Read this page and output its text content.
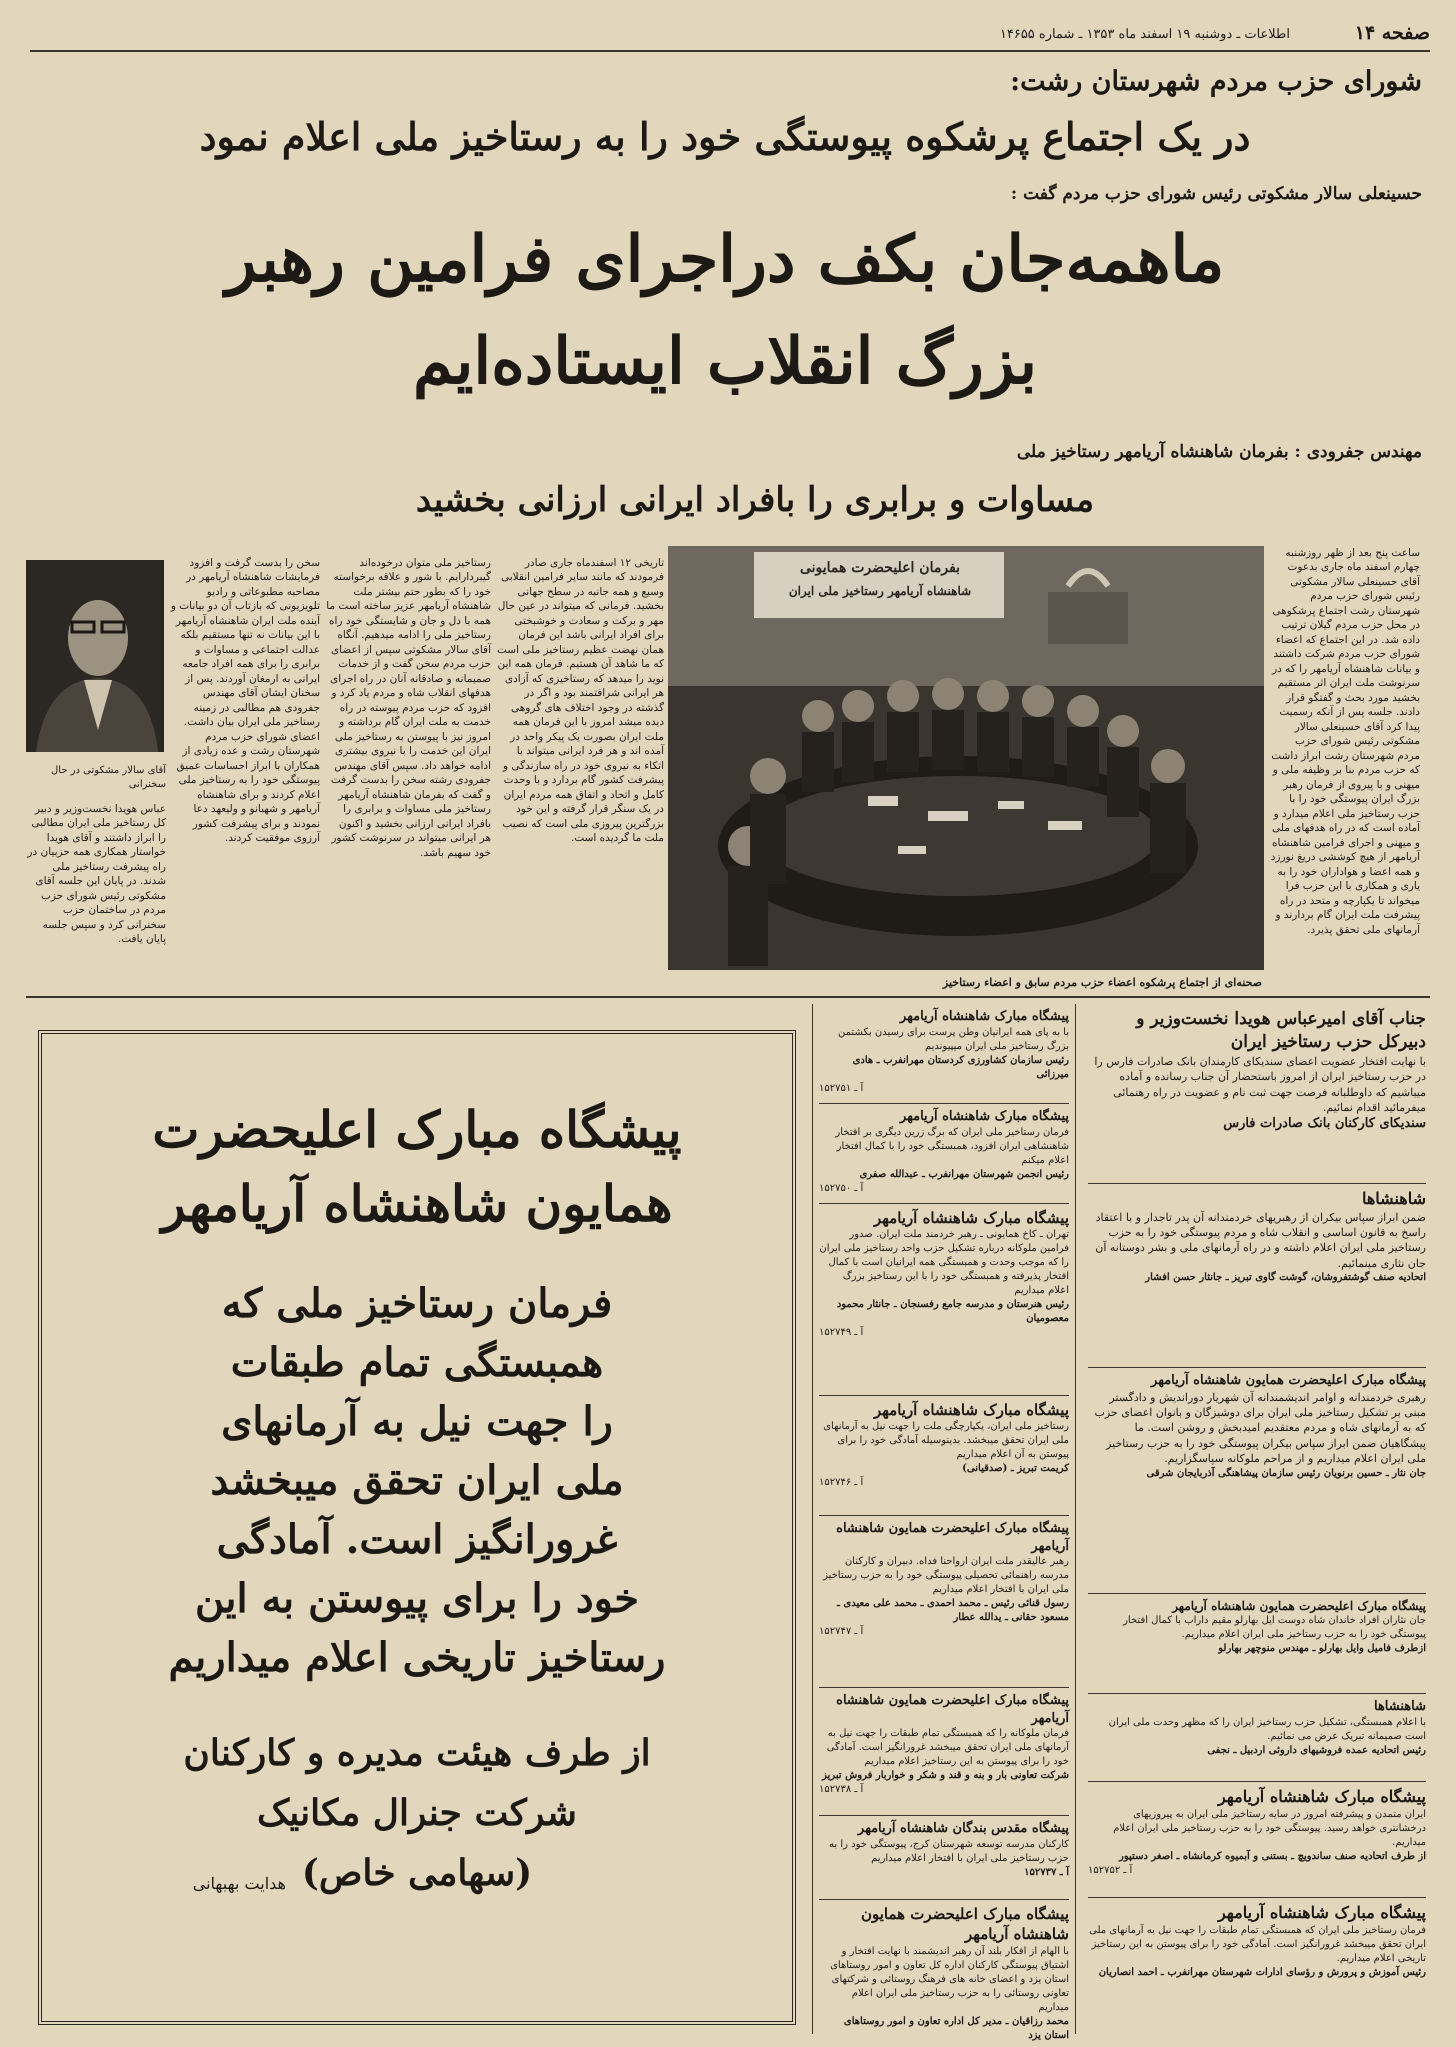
صفحه ۱۴
اطلاعات ـ دوشنبه ۱۹ اسفند ماه ۱۳۵۳ ـ شماره ۱۴۶۵۵
شورای حزب مردم شهرستان رشت:
در یک اجتماع پرشکوه پیوستگی خود را به رستاخیز ملی اعلام نمود
حسینعلی سالار مشکوتی رئیس شورای حزب مردم گفت :
ماهمه‌جان بکف دراجرای فرامین رهبر
بزرگ انقلاب ایستاده‌ایم
مهندس جفرودی : بفرمان شاهنشاه آریامهر رستاخیز ملی
مساوات و برابری را بافراد ایرانی ارزانی بخشید
ساعت پنج بعد از ظهر روزشنبه چهارم اسفند ماه جاری بدعوت آقای حسینعلی سالار مشکوتی رئیس شورای حزب مردم شهرستان رشت اجتماع پرشکوهی در محل حزب مردم گیلان ترتیب داده شد. در این اجتماع که اعضاء شورای حزب مردم شرکت داشتند و بیانات شاهنشاه آریامهر را که در سرنوشت ملت ایران اثر مستقیم بخشید مورد بحث و گفتگو قرار دادند. جلسه پس از آنکه رسمیت پیدا کرد آقای حسینعلی سالار مشکوتی رئیس شورای حزب مردم شهرستان رشت ابراز داشت که حزب مردم بنا بر وظیفه ملی و میهنی و با پیروی از فرمان رهبر بزرگ ایران پیوستگی خود را با حزب رستاخیز ملی اعلام میدارد و آماده است که در راه هدفهای ملی و میهنی و اجرای فرامین شاهنشاه آریامهر از هیچ کوششی دریغ نورزد و همه اعضا و هواداران خود را به یاری و همکاری با این حزب فرا میخواند تا یکپارچه و متحد در راه پیشرفت ملت ایران گام بردارند و آرمانهای ملی تحقق پذیرد.
تاریخی ۱۲ اسفندماه جاری صادر فرمودند که مانند سایر فرامین انقلابی وسیع و همه جانبه در سطح جهانی بخشید. فرمانی که میتواند در عین حال مهر و برکت و سعادت و خوشبختی برای افراد ایرانی باشد این فرمان همان نهضت عظیم رستاخیز ملی است که ما شاهد آن هستیم. فرمان همه این نوید را میدهد که رستاخیزی که آزادی هر ایرانی شرافتمند بود و اگر در گذشته در وجود اختلاف های گروهی دیده میشد امروز با این فرمان همه ملت ایران بصورت یک پیکر واحد در آمده اند و هر فرد ایرانی میتواند با اتکاء به نیروی خود در راه سازندگی و پیشرفت کشور گام بردارد و با وحدت کامل و اتحاد و اتفاق همه مردم ایران در یک سنگر قرار گرفته و این خود بزرگترین پیروزی ملی است که نصیب ملت ما گردیده است.
رستاخیز ملی متوان درخوده‌اند گیبردارایم. با شور و علاقه برخواسته خود را که بطور حتم بیشتر ملت شاهنشاه آریامهر عزیز ساخته است ما همه با دل و جان و شایستگی خود راه رستاخیز ملی را ادامه میدهیم. آنگاه آقای سالار مشکوتی سپس از اعضای حزب مردم سخن گفت و از خدمات صمیمانه و صادقانه آنان در راه اجرای هدفهای انقلاب شاه و مردم یاد کرد و افزود که حزب مردم پیوسته در راه خدمت به ملت ایران گام برداشته و امروز نیز با پیوستن به رستاخیز ملی ایران این خدمت را با نیروی بیشتری ادامه خواهد داد. سپس آقای مهندس جفرودی رشته سخن را بدست گرفت و گفت که بفرمان شاهنشاه آریامهر رستاخیز ملی مساوات و برابری را بافراد ایرانی ارزانی بخشید و اکنون هر ایرانی میتواند در سرنوشت کشور خود سهیم باشد.
سخن را بدست گرفت و افزود فرمایشات شاهنشاه آریامهر در مصاحبه مطبوعاتی و رادیو تلویزیونی که بازتاب آن دو بیانات و آینده ملت ایران شاهنشاه آریامهر با این بیانات نه تنها مستقیم بلکه عدالت اجتماعی و مساوات و برابری را برای همه افراد جامعه ایرانی به ارمغان آوردند. پس از سخنان ایشان آقای مهندس جفرودی هم مطالبی در زمینه رستاخیز ملی ایران بیان داشت. اعضای شورای حزب مردم شهرستان رشت و عده زیادی از همکاران با ابراز احساسات عمیق پیوستگی خود را به رستاخیز ملی اعلام کردند و برای شاهنشاه آریامهر و شهبانو و ولیعهد دعا نمودند و برای پیشرفت کشور آرزوی موفقیت کردند.
عباس هویدا نخست‌وزیر و دبیر کل رستاخیز ملی ایران مطالبی را ابراز داشتند و آقای هویدا خواستار همکاری همه حزبیان در راه پیشرفت رستاخیز ملی شدند. در پایان این جلسه آقای مشکوتی رئیس شورای حزب مردم در ساختمان حزب سخنرانی کرد و سپس جلسه پایان یافت.
آقای سالار مشکوتی در حال سخنرانی
بفرمان اعلیحضرت همایونی
شاهنشاه آریامهر رستاخیز ملی ایران
صحنه‌ای از اجتماع پرشکوه اعضاء حزب مردم سابق و اعضاء رستاخیز
پیشگاه مبارک اعلیحضرت
همایون شاهنشاه آریامهر
فرمان رستاخیز ملی که
همبستگی تمام طبقات
را جهت نیل به آرمانهای
ملی ایران تحقق میبخشد
غرورانگیز است. آمادگی
خود را برای پیوستن به این
رستاخیز تاریخی اعلام میداریم
از طرف هیئت مدیره و کارکنان
شرکت جنرال مکانیک
(سهامی خاص)
هدایت بهبهانی
پیشگاه مبارک شاهنشاه آریامهر
با به پای همه ایرانیان وطن پرست برای رسیدن بکشتمن بزرگ رستاخیز ملی ایران میپیوندیم
رئیس سازمان کشاورزی کردستان مهرانفرب ـ هادی میرزائی
آ ـ ۱۵۲۷۵۱
پیشگاه مبارک شاهنشاه آریامهر
فرمان رستاخیز ملی ایران که برگ زرین دیگری بر افتخار شاهنشاهی ایران افزود، همبستگی خود را با کمال افتخار اعلام میکنم
رئیس انجمن شهرستان مهرانفرب ـ عبدالله صفری
آ ـ ۱۵۲۷۵۰
پیشگاه مبارک شاهنشاه آریامهر
تهران ـ کاخ همایونی ـ رهبر خردمند ملت ایران. صدور فرامین ملوکانه درباره تشکیل حزب واحد رستاخیز ملی ایران را که موجب وحدت و همبستگی همه ایرانیان است با کمال افتخار پذیرفته و همبستگی خود را با این رستاخیز بزرگ اعلام میداریم
رئیس هنرستان و مدرسه جامع رفسنجان ـ جانثار محمود معصومیان
آ ـ ۱۵۲۷۴۹
پیشگاه مبارک شاهنشاه آریامهر
رستاخیز ملی ایران، یکپارچگی ملت را جهت نیل به آرمانهای ملی ایران تحقق میبخشد. بدینوسیله آمادگی خود را برای پیوستن به آن اعلام میداریم
کریمت تبریز ـ (صدقیانی)
آ ـ ۱۵۲۷۴۶
پیشگاه مبارک اعلیحضرت همایون شاهنشاه آریامهر
رهبر عالیقدر ملت ایران ارواحنا فداه. دبیران و کارکنان مدرسه راهنمائی تحصیلی پیوستگی خود را به حزب رستاخیز ملی ایران با افتخار اعلام میداریم
رسول قنائی رئیس ـ محمد احمدی ـ محمد علی معیدی ـ مسعود حقانی ـ یدالله عطار
آ ـ ۱۵۲۷۴۷
پیشگاه مبارک اعلیحضرت همایون شاهنشاه آریامهر
فرمان ملوکانه را که همبستگی تمام طبقات را جهت نیل به آرمانهای ملی ایران تحقق میبخشد غرورانگیز است. آمادگی خود را برای پیوستن به این رستاخیز اعلام میداریم
شرکت تعاونی بار و بنه و قند و شکر و خواربار فروش تبریز
آ ـ ۱۵۲۷۳۸
پیشگاه مقدس بندگان شاهنشاه آریامهر
کارکنان مدرسه توسعه شهرستان کرج، پیوستگی خود را به حزب رستاخیز ملی ایران با افتخار اعلام میداریم
آ ـ ۱۵۲۷۳۷
پیشگاه مبارک اعلیحضرت همایون شاهنشاه آریامهر
با الهام از افکار بلند آن رهبر اندیشمند با نهایت افتخار و اشتیاق پیوستگی کارکنان اداره کل تعاون و امور روستاهای استان یزد و اعضای خانه های فرهنگ روستائی و شرکتهای تعاونی روستائی را به حزب رستاخیز ملی ایران اعلام میداریم
محمد رزاقیان ـ مدیر کل اداره تعاون و امور روستاهای استان یزد
جناب آقای امیرعباس هویدا نخست‌وزیر و دبیرکل حزب رستاخیز ایران
با نهایت افتخار عضویت اعضای سندیکای کارمندان بانک صادرات فارس را در حزب رستاخیز ایران از امروز باستحضار آن جناب رسانده و آماده میباشیم که داوطلبانه فرصت جهت ثبت نام و عضویت در راه رهنمائی میفرمائید اقدام نمائیم.
سندیکای کارکنان بانک صادرات فارس
شاهنشاها
ضمن ابراز سپاس بیکران از رهبریهای خردمندانه آن پدر تاجدار و با اعتقاد راسخ به قانون اساسی و انقلاب شاه و مردم پیوستگی خود را به حزب رستاخیز ملی ایران اعلام داشته و در راه آرمانهای ملی و بشر دوستانه آن جان نثاری مینمائیم.
اتحادیه صنف گوشتفروشان، گوشت گاوی تبریز ـ جانثار حسن افشار
پیشگاه مبارک اعلیحضرت همایون شاهنشاه آریامهر
رهبری خردمندانه و اوامر اندیشمندانه آن شهریار دوراندیش و دادگستر مبنی بر تشکیل رستاخیز ملی ایران برای دوشیزگان و بانوان اعضای حزب که به آرمانهای شاه و مردم معتقدیم امیدبخش و روشن است. ما پیشگاهیان ضمن ابراز سپاس بیکران پیوستگی خود را به حزب رستاخیز ملی ایران اعلام میداریم و از مراحم ملوکانه سپاسگزاریم.
جان نثار ـ حسین برنویان رئیس سازمان پیشاهنگی آذربایجان شرقی
پیشگاه مبارک اعلیحضرت همایون شاهنشاه آریامهر
جان نثاران افراد خاندان شاه دوست ایل بهارلو مقیم داراب با کمال افتخار پیوستگی خود را به حزب رستاخیز ملی ایران اعلام میداریم.
ازطرف فامیل وایل بهارلو ـ مهندس منوچهر بهارلو
شاهنشاها
با اعلام همبستگی، تشکیل حزب رستاخیز ایران را که مظهر وحدت ملی ایران است صمیمانه تبریک عرض می نمائیم.
رئیس اتحادیه عمده فروشیهای داروئی اردبیل ـ نجفی
پیشگاه مبارک شاهنشاه آریامهر
ایران متمدن و پیشرفته امروز در سایه رستاخیز ملی ایران به پیروزیهای درخشانتری خواهد رسید. پیوستگی خود را به حزب رستاخیز ملی ایران اعلام میداریم.
از طرف اتحادیه صنف ساندویچ ـ بستنی و آبمیوه کرمانشاه ـ اصغر دستپور
آ ـ ۱۵۲۷۵۲
پیشگاه مبارک شاهنشاه آریامهر
فرمان رستاخیز ملی ایران که همبستگی تمام طبقات را جهت نیل به آرمانهای ملی ایران تحقق میبخشد غرورانگیز است. آمادگی خود را برای پیوستن به این رستاخیز تاریخی اعلام میداریم.
رئیس آموزش و پرورش و رؤسای ادارات شهرستان مهرانفرب ـ احمد انصاریان
